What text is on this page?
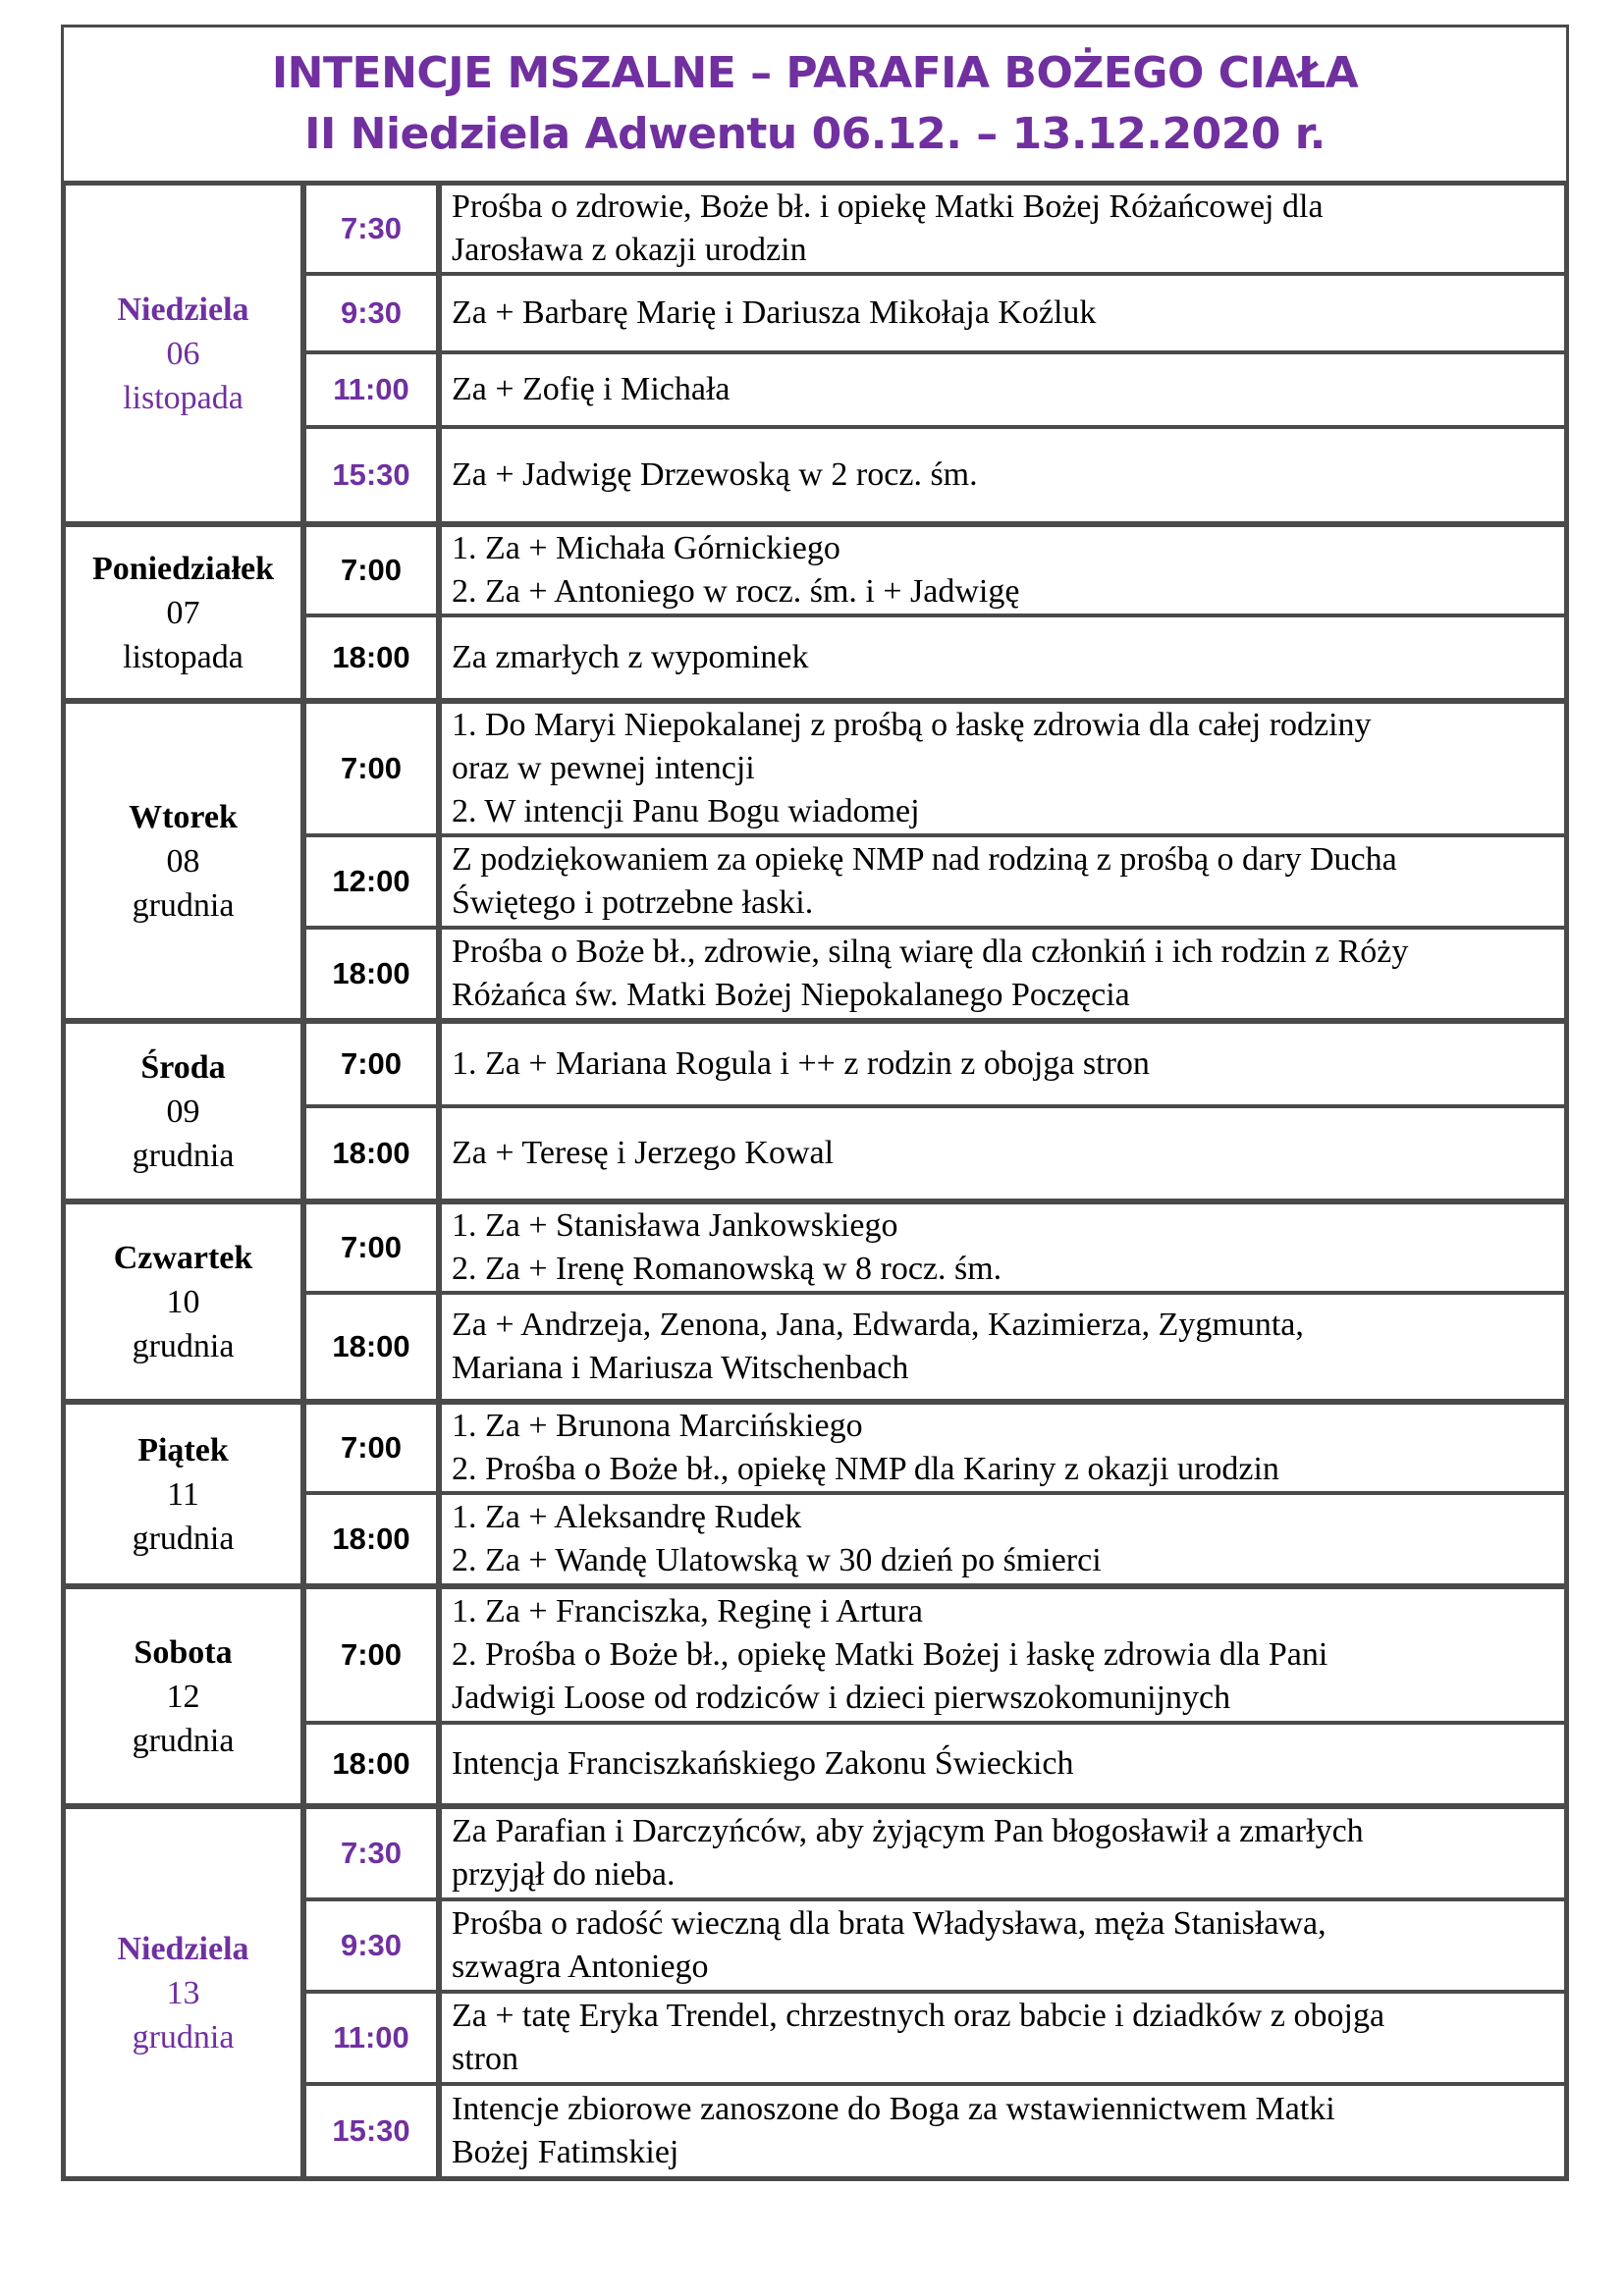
INTENCJE MSZALNE – PARAFIA BOŻEGO CIAŁA
II Niedziela Adwentu 06.12. – 13.12.2020 r.
Niedziela
06
listopada	7:30	Prośba o zdrowie, Boże bł. i opiekę Matki Bożej Różańcowej dla
Jarosława z okazji urodzin

	9:30	Za + Barbarę Marię i Dariusza Mikołaja Koźluk

	11:00	Za + Zofię i Michała

	15:30	Za + Jadwigę Drzewoską w 2 rocz. śm.

Poniedziałek
07
listopada	7:00	1. Za + Michała Górnickiego
2. Za + Antoniego w rocz. śm. i + Jadwigę

	18:00	Za zmarłych z wypominek

Wtorek
08
grudnia	7:00	1. Do Maryi Niepokalanej z prośbą o łaskę zdrowia dla całej rodziny
oraz w pewnej intencji
2. W intencji Panu Bogu wiadomej

	12:00	Z podziękowaniem za opiekę NMP nad rodziną z prośbą o dary Ducha
Świętego i potrzebne łaski.

	18:00	Prośba o Boże bł., zdrowie, silną wiarę dla członkiń i ich rodzin z Róży
Różańca św. Matki Bożej Niepokalanego Poczęcia

Środa
09
grudnia	7:00	1. Za + Mariana Rogula i ++ z rodzin z obojga stron

	18:00	Za + Teresę i Jerzego Kowal

Czwartek
10
grudnia	7:00	1. Za + Stanisława Jankowskiego
2. Za + Irenę Romanowską w 8 rocz. śm.

	18:00	Za + Andrzeja, Zenona, Jana, Edwarda, Kazimierza, Zygmunta,
Mariana i Mariusza Witschenbach

Piątek
11
grudnia	7:00	1. Za + Brunona Marcińskiego
2. Prośba o Boże bł., opiekę NMP dla Kariny z okazji urodzin

	18:00	1. Za + Aleksandrę Rudek
2. Za + Wandę Ulatowską w 30 dzień po śmierci

Sobota
12
grudnia	7:00	1. Za + Franciszka, Reginę i Artura
2. Prośba o Boże bł., opiekę Matki Bożej i łaskę zdrowia dla Pani
Jadwigi Loose od rodziców i dzieci pierwszokomunijnych

	18:00	Intencja Franciszkańskiego Zakonu Świeckich

Niedziela
13
grudnia	7:30	Za Parafian i Darczyńców, aby żyjącym Pan błogosławił a zmarłych
przyjął do nieba.

	9:30	Prośba o radość wieczną dla brata Władysława, męża Stanisława,
szwagra Antoniego

	11:00	Za + tatę Eryka Trendel, chrzestnych oraz babcie i dziadków z obojga
stron

	15:30	Intencje zbiorowe zanoszone do Boga za wstawiennictwem Matki
Bożej Fatimskiej
